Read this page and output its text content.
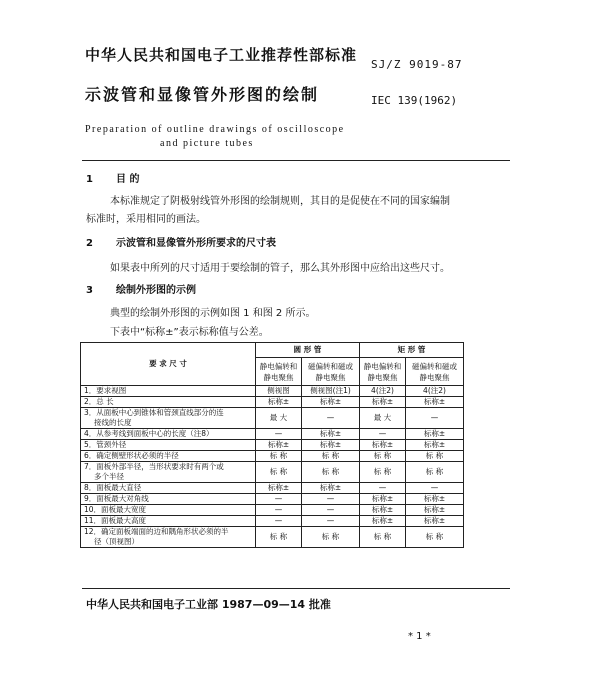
中华人民共和国电子工业推荐性部标准
SJ/Z 9019-87
示波管和显像管外形图的绘制	IEC 139(1962)
Preparation of outline drawings of oscilloscope
and picture tubes
1 目 的
本标准规定了阴极射线管外形图的绘制规则，其目的是促使在不同的国家编制
标准时，采用相同的画法。
2 示波管和显像管外形所要求的尺寸表
如果表中所列的尺寸适用于要绘制的管子，那么其外形图中应给出这些尺寸。
3 绘制外形图的示例
典型的绘制外形图的示例如图 1 和图 2 所示。
下表中“标称±”表示标称值与公差。
要 求 尺 寸	圆 形 管		矩 形 管	
	静电偏转和静电聚焦	磁偏转和磁或静电聚焦	静电偏转和静电聚焦	磁偏转和磁或静电聚焦

1．要求视图	侧视图	侧视图(注1)	4(注2)	4(注2)

2．总 长	标称±	标称±	标称±	标称±

3．从面板中心到锥体和管颈直线部分的连
接线的长度	最 大	—	最 大	—

4．从参考线到面板中心的长度（注8）	—	标称±	—	标称±

5．管颈外径	标称±	标称±	标称±	标称±

6．确定侧壁形状必须的半径	标 称	标 称	标 称	标 称

7．面板外部半径，当形状要求时有两个或
多个半径	标 称	标 称	标 称	标 称

8．面板最大直径	标称±	标称±	—	—

9．面板最大对角线	—	—	标称±	标称±

10．面板最大宽度	—	—	标称±	标称±

11．面板最大高度	—	—	标称±	标称±

12．确定面板端面的边和隅角形状必须的半
径（顶视图）	标 称	标 称	标 称	标 称
中华人民共和国电子工业部 1987—09—14 批准
* 1 *
